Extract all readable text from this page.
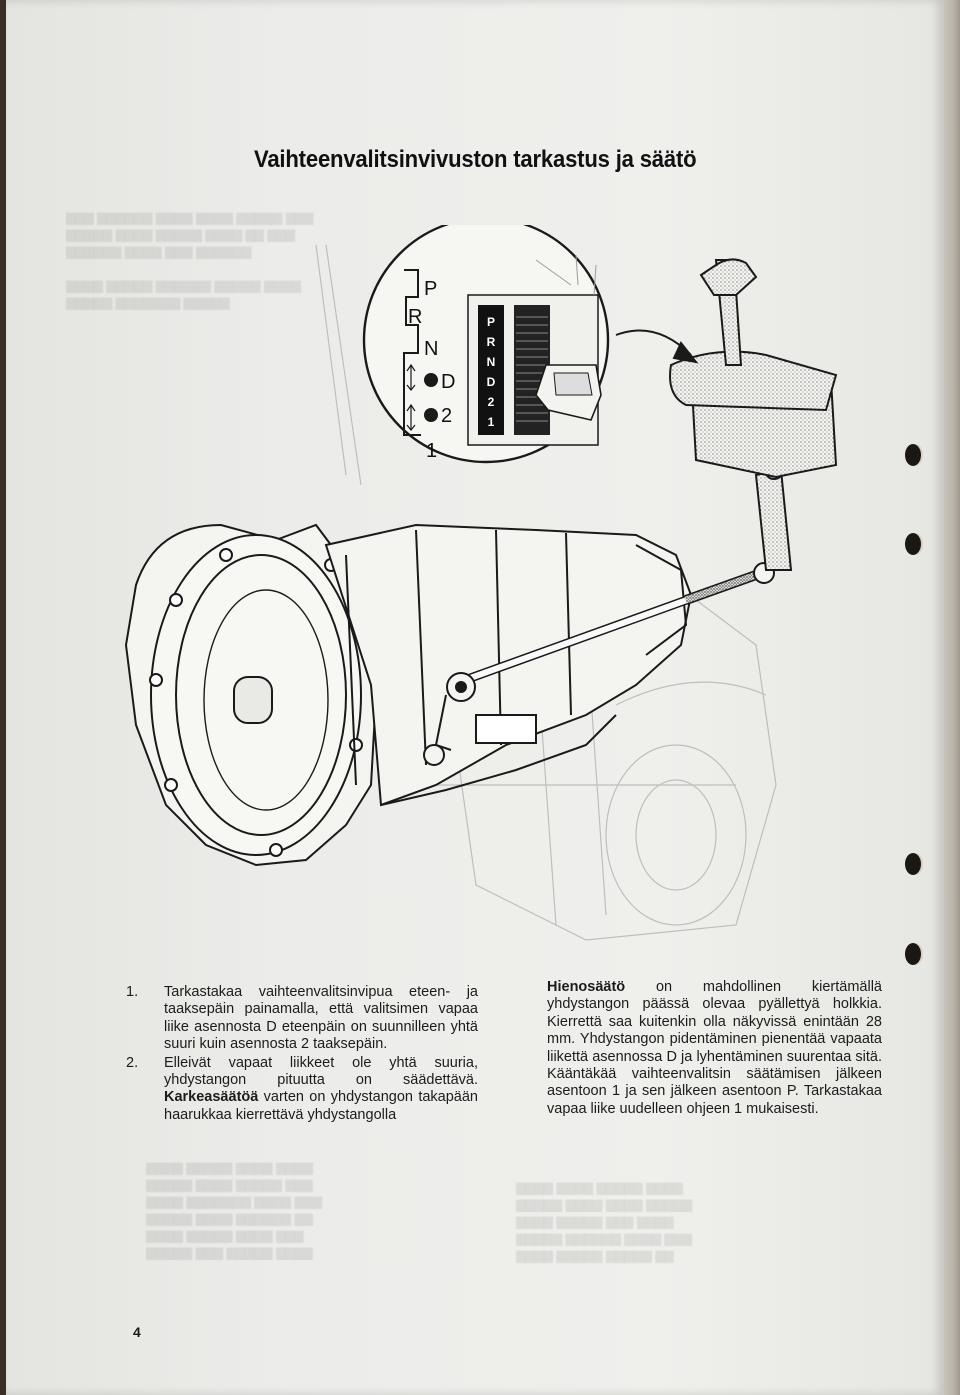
▇▇▇ ▇▇▇▇▇▇ ▇▇▇▇ ▇▇▇▇ ▇▇▇▇▇ ▇▇▇
▇▇▇▇▇ ▇▇▇▇ ▇▇▇▇▇ ▇▇▇▇ ▇▇ ▇▇▇
▇▇▇▇▇▇ ▇▇▇▇ ▇▇▇ ▇▇▇▇▇▇

▇▇▇▇ ▇▇▇▇▇ ▇▇▇▇▇▇ ▇▇▇▇▇ ▇▇▇▇
▇▇▇▇▇ ▇▇▇▇▇▇▇ ▇▇▇▇▇
▇▇▇▇ ▇▇▇▇ ▇▇▇▇▇ ▇▇▇▇
▇▇▇▇▇ ▇▇▇▇ ▇▇▇▇ ▇▇▇▇▇
▇▇▇▇ ▇▇▇▇▇ ▇▇▇ ▇▇▇▇
▇▇▇▇▇ ▇▇▇▇▇▇ ▇▇▇▇ ▇▇▇
▇▇▇▇ ▇▇▇▇▇ ▇▇▇▇▇ ▇▇
▇▇▇▇ ▇▇▇▇▇ ▇▇▇▇ ▇▇▇▇
▇▇▇▇▇ ▇▇▇▇ ▇▇▇▇▇ ▇▇▇
▇▇▇▇ ▇▇▇▇▇▇▇ ▇▇▇▇ ▇▇▇
▇▇▇▇▇ ▇▇▇▇ ▇▇▇▇▇▇ ▇▇
▇▇▇▇ ▇▇▇▇▇ ▇▇▇▇ ▇▇▇
▇▇▇▇▇ ▇▇▇ ▇▇▇▇▇ ▇▇▇▇
Vaihteenvalitsinvivuston tarkastus ja säätö
P
R
N
D
2
1
P
R
N
D
2
1
1.	Tarkastakaa vaihteenvalitsinvipua eteen- ja taaksepäin painamalla, että valitsimen vapaa liike asennosta D eteenpäin on suunnilleen yhtä suuri kuin asennosta 2 taaksepäin.
2.	Elleivät vapaat liikkeet ole yhtä suuria, yhdystangon pituutta on säädettävä. Karkeasäätöä varten on yhdystangon takapään haarukkaa kierrettävä yhdystangolla
Hienosäätö on mahdollinen kiertämällä yhdystangon päässä olevaa pyällettyä holkkia. Kierrettä saa kuitenkin olla näkyvissä enintään 28 mm. Yhdystangon pidentäminen pienentää vapaata liikettä asennossa D ja lyhentäminen suurentaa sitä. Kääntäkää vaihteenvalitsin säätämisen jälkeen asentoon 1 ja sen jälkeen asentoon P. Tarkastakaa vapaa liike uudelleen ohjeen 1 mukaisesti.
4
